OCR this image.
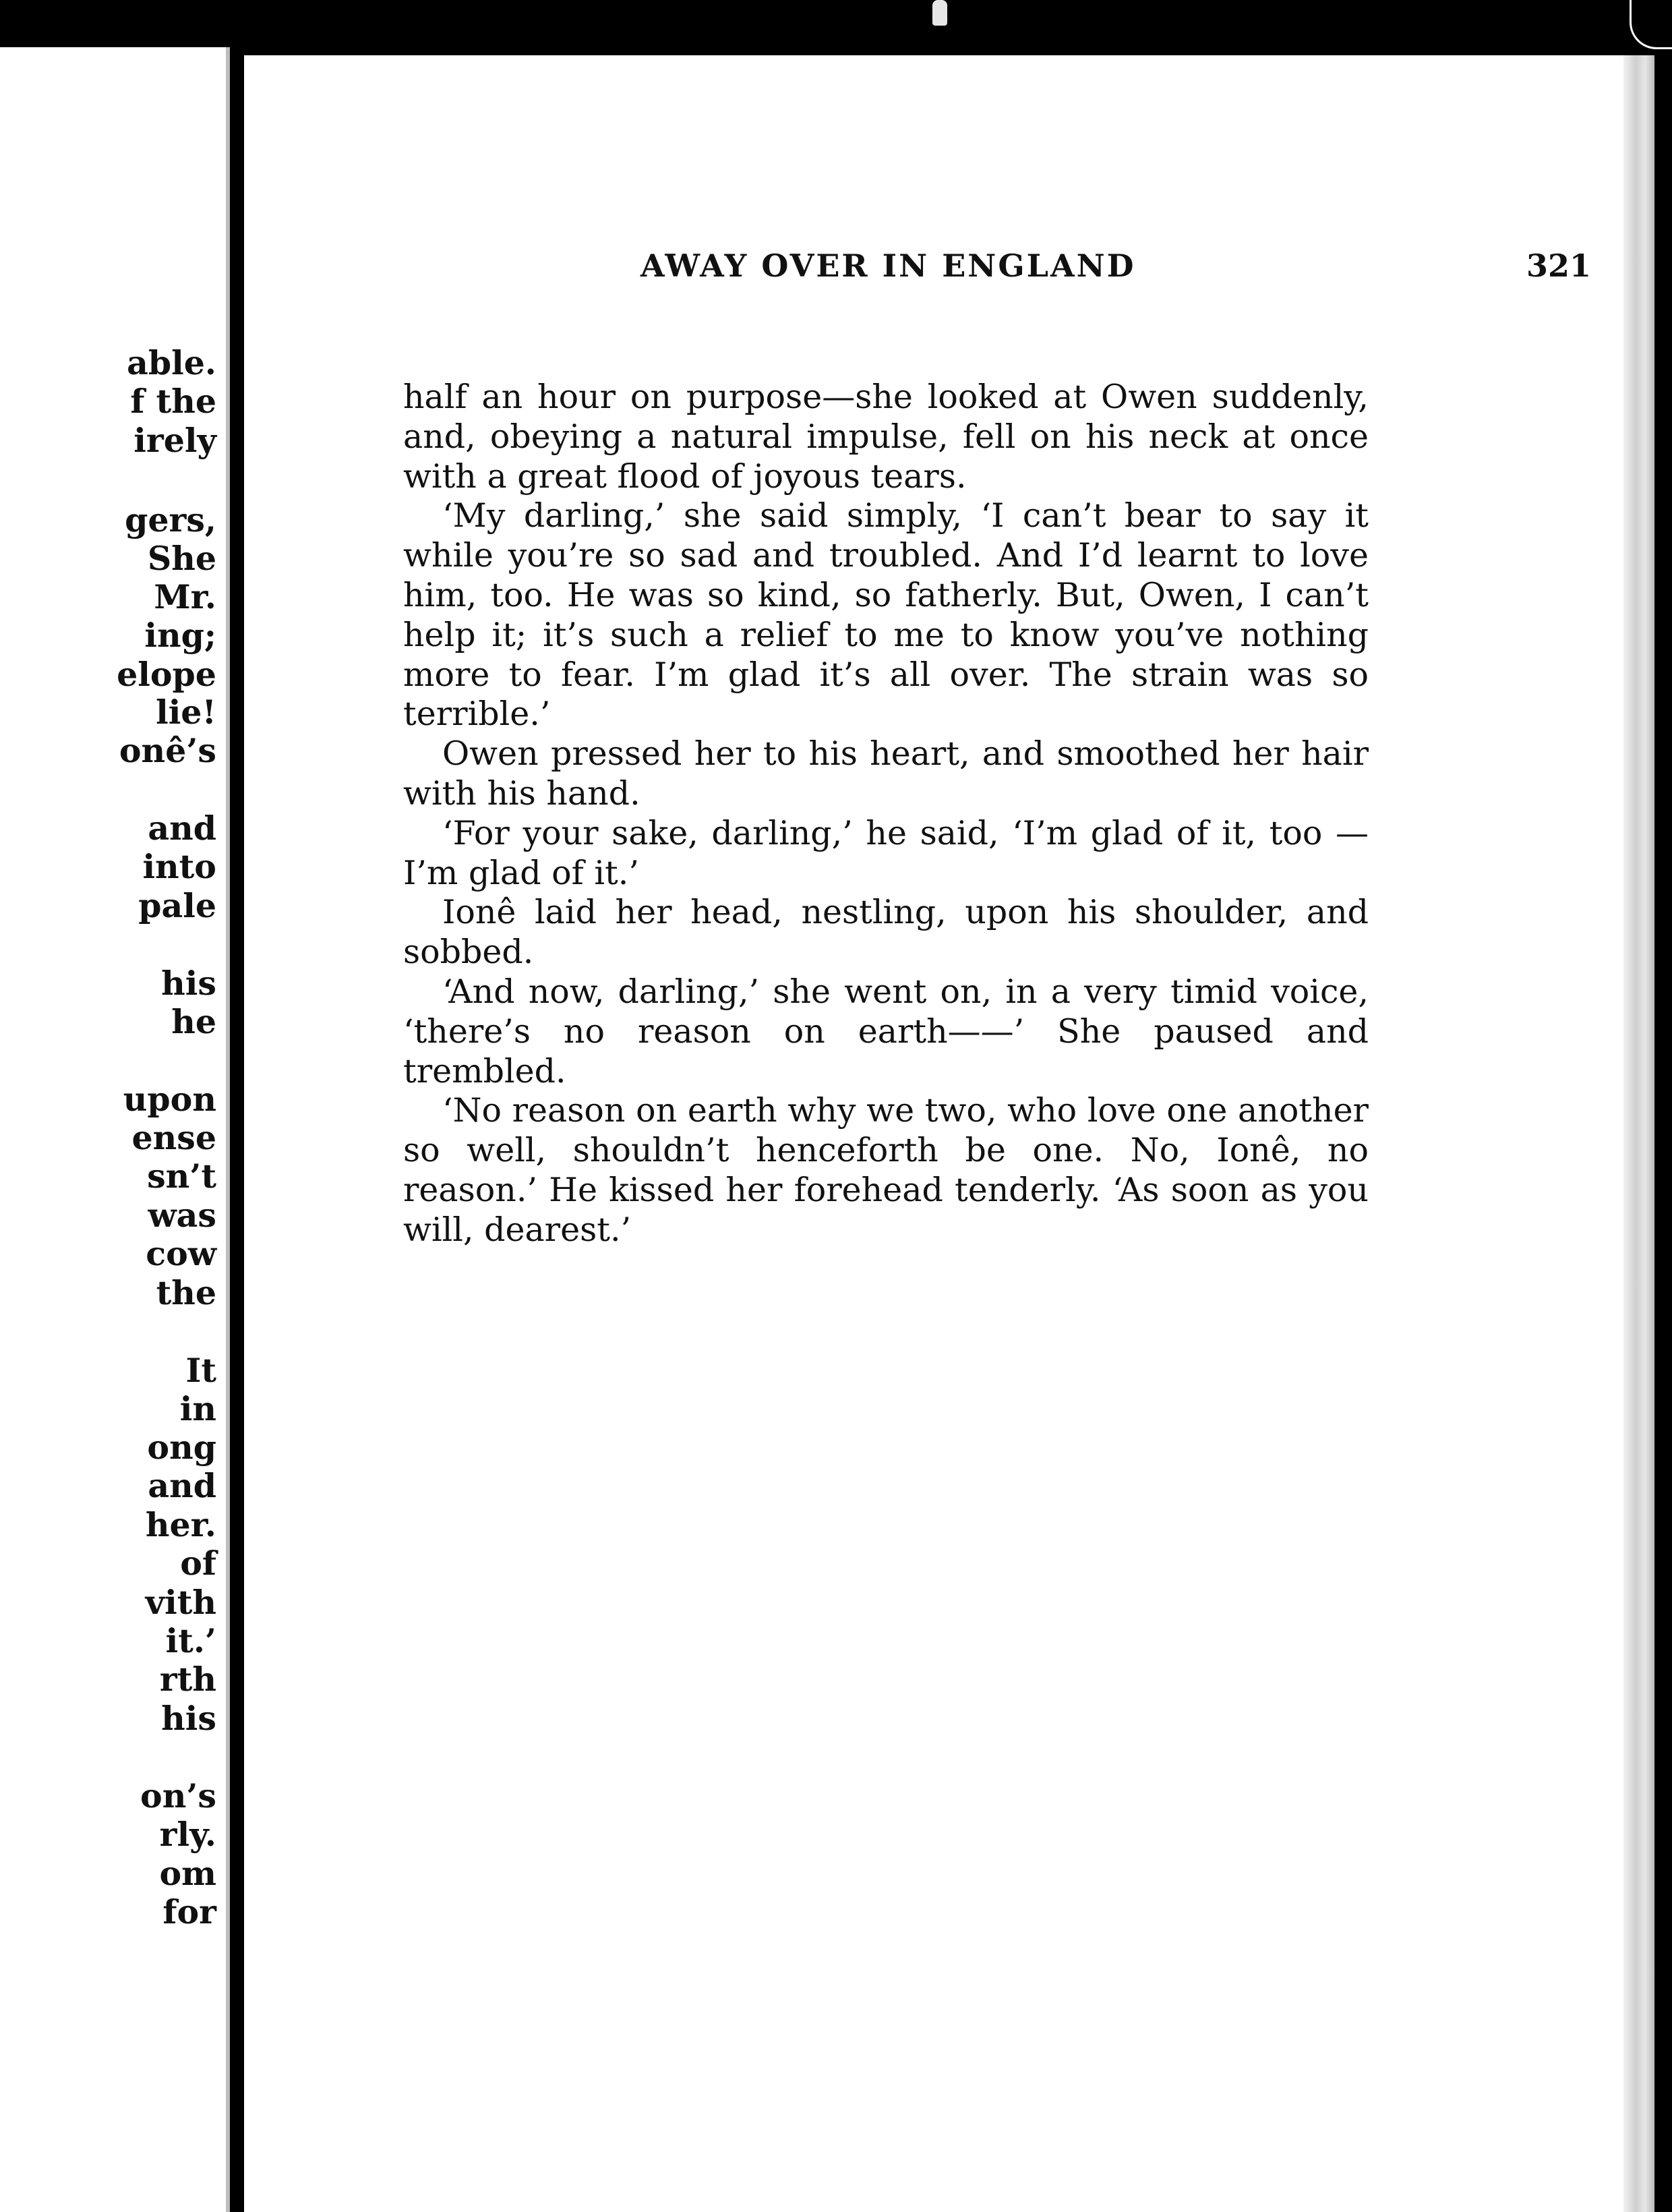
able.
f the
irely
gers,
She
Mr.
ing;
elope
lie!
onê’s
and
into
pale
his
he
upon
ense
sn’t
was
cow
the
It
in
ong
and
her.
of
vith
it.’
rth
his
on’s
rly.
om
for
AWAY OVER IN ENGLAND	321

half an hour on purpose—she looked at Owen suddenly, and, obeying a natural impulse, fell on his neck at once with a great flood of joyous tears.

‘My darling,’ she said simply, ‘I can’t bear to say it while you’re so sad and troubled. And I’d learnt to love him, too. He was so kind, so fatherly. But, Owen, I can’t help it; it’s such a relief to me to know you’ve nothing more to fear. I’m glad it’s all over. The strain was so terrible.’

Owen pressed her to his heart, and smoothed her hair with his hand.

‘For your sake, darling,’ he said, ‘I’m glad of it, too —I’m glad of it.’

Ionê laid her head, nestling, upon his shoulder, and sobbed.

‘And now, darling,’ she went on, in a very timid voice, ‘there’s no reason on earth——’ She paused and trembled.

‘No reason on earth why we two, who love one another so well, shouldn’t henceforth be one. No, Ionê, no reason.’ He kissed her forehead tenderly. ‘As soon as you will, dearest.’
